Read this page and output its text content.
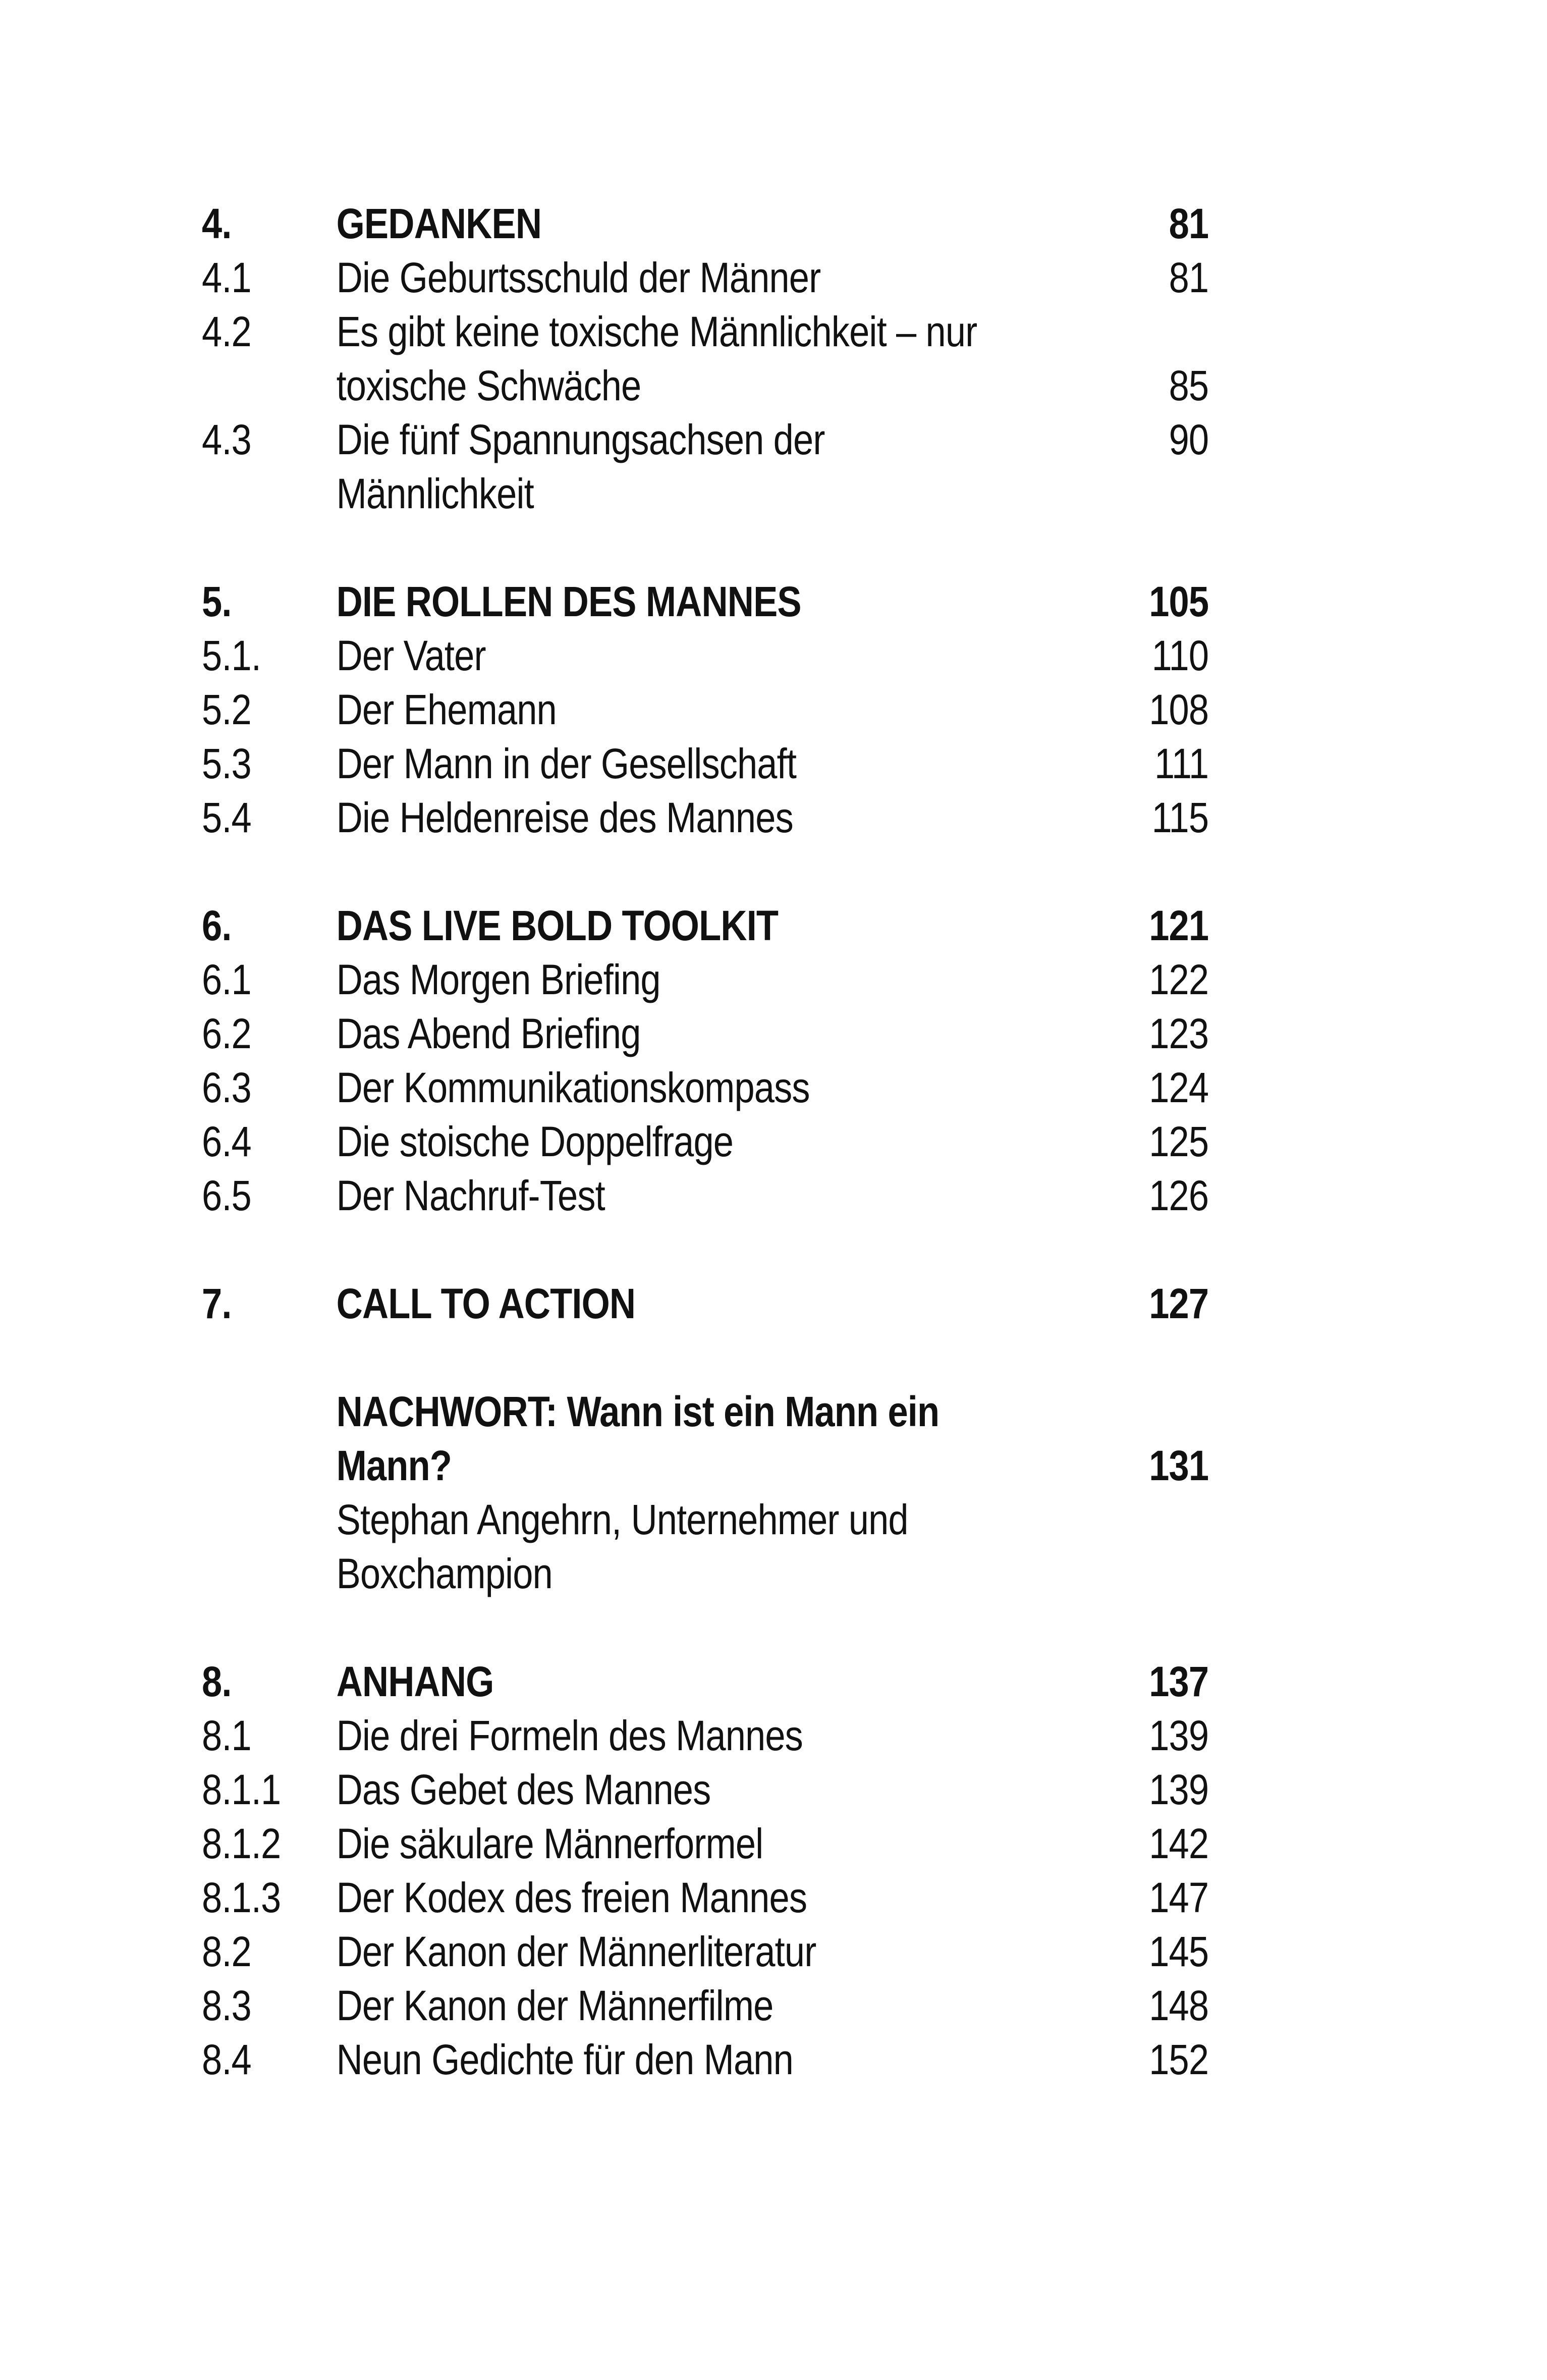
4. GEDANKEN	81
4.1 Die Geburtsschuld der Männer	81
4.2 Es gibt keine toxische Männlichkeit – nur
toxische Schwäche	85
4.3 Die fünf Spannungsachsen der	90
Männlichkeit
5. DIE ROLLEN DES MANNES	105
5.1. Der Vater	110
5.2 Der Ehemann	108
5.3 Der Mann in der Gesellschaft	111
5.4 Die Heldenreise des Mannes	115
6. DAS LIVE BOLD TOOLKIT	121
6.1 Das Morgen Briefing	122
6.2 Das Abend Briefing	123
6.3 Der Kommunikationskompass	124
6.4 Die stoische Doppelfrage	125
6.5 Der Nachruf-Test	126
7. CALL TO ACTION	127
NACHWORT: Wann ist ein Mann ein
Mann?	131
Stephan Angehrn, Unternehmer und
Boxchampion
8. ANHANG	137
8.1 Die drei Formeln des Mannes	139
8.1.1 Das Gebet des Mannes	139
8.1.2 Die säkulare Männerformel	142
8.1.3 Der Kodex des freien Mannes	147
8.2 Der Kanon der Männerliteratur	145
8.3 Der Kanon der Männerfilme	148
8.4 Neun Gedichte für den Mann	152
